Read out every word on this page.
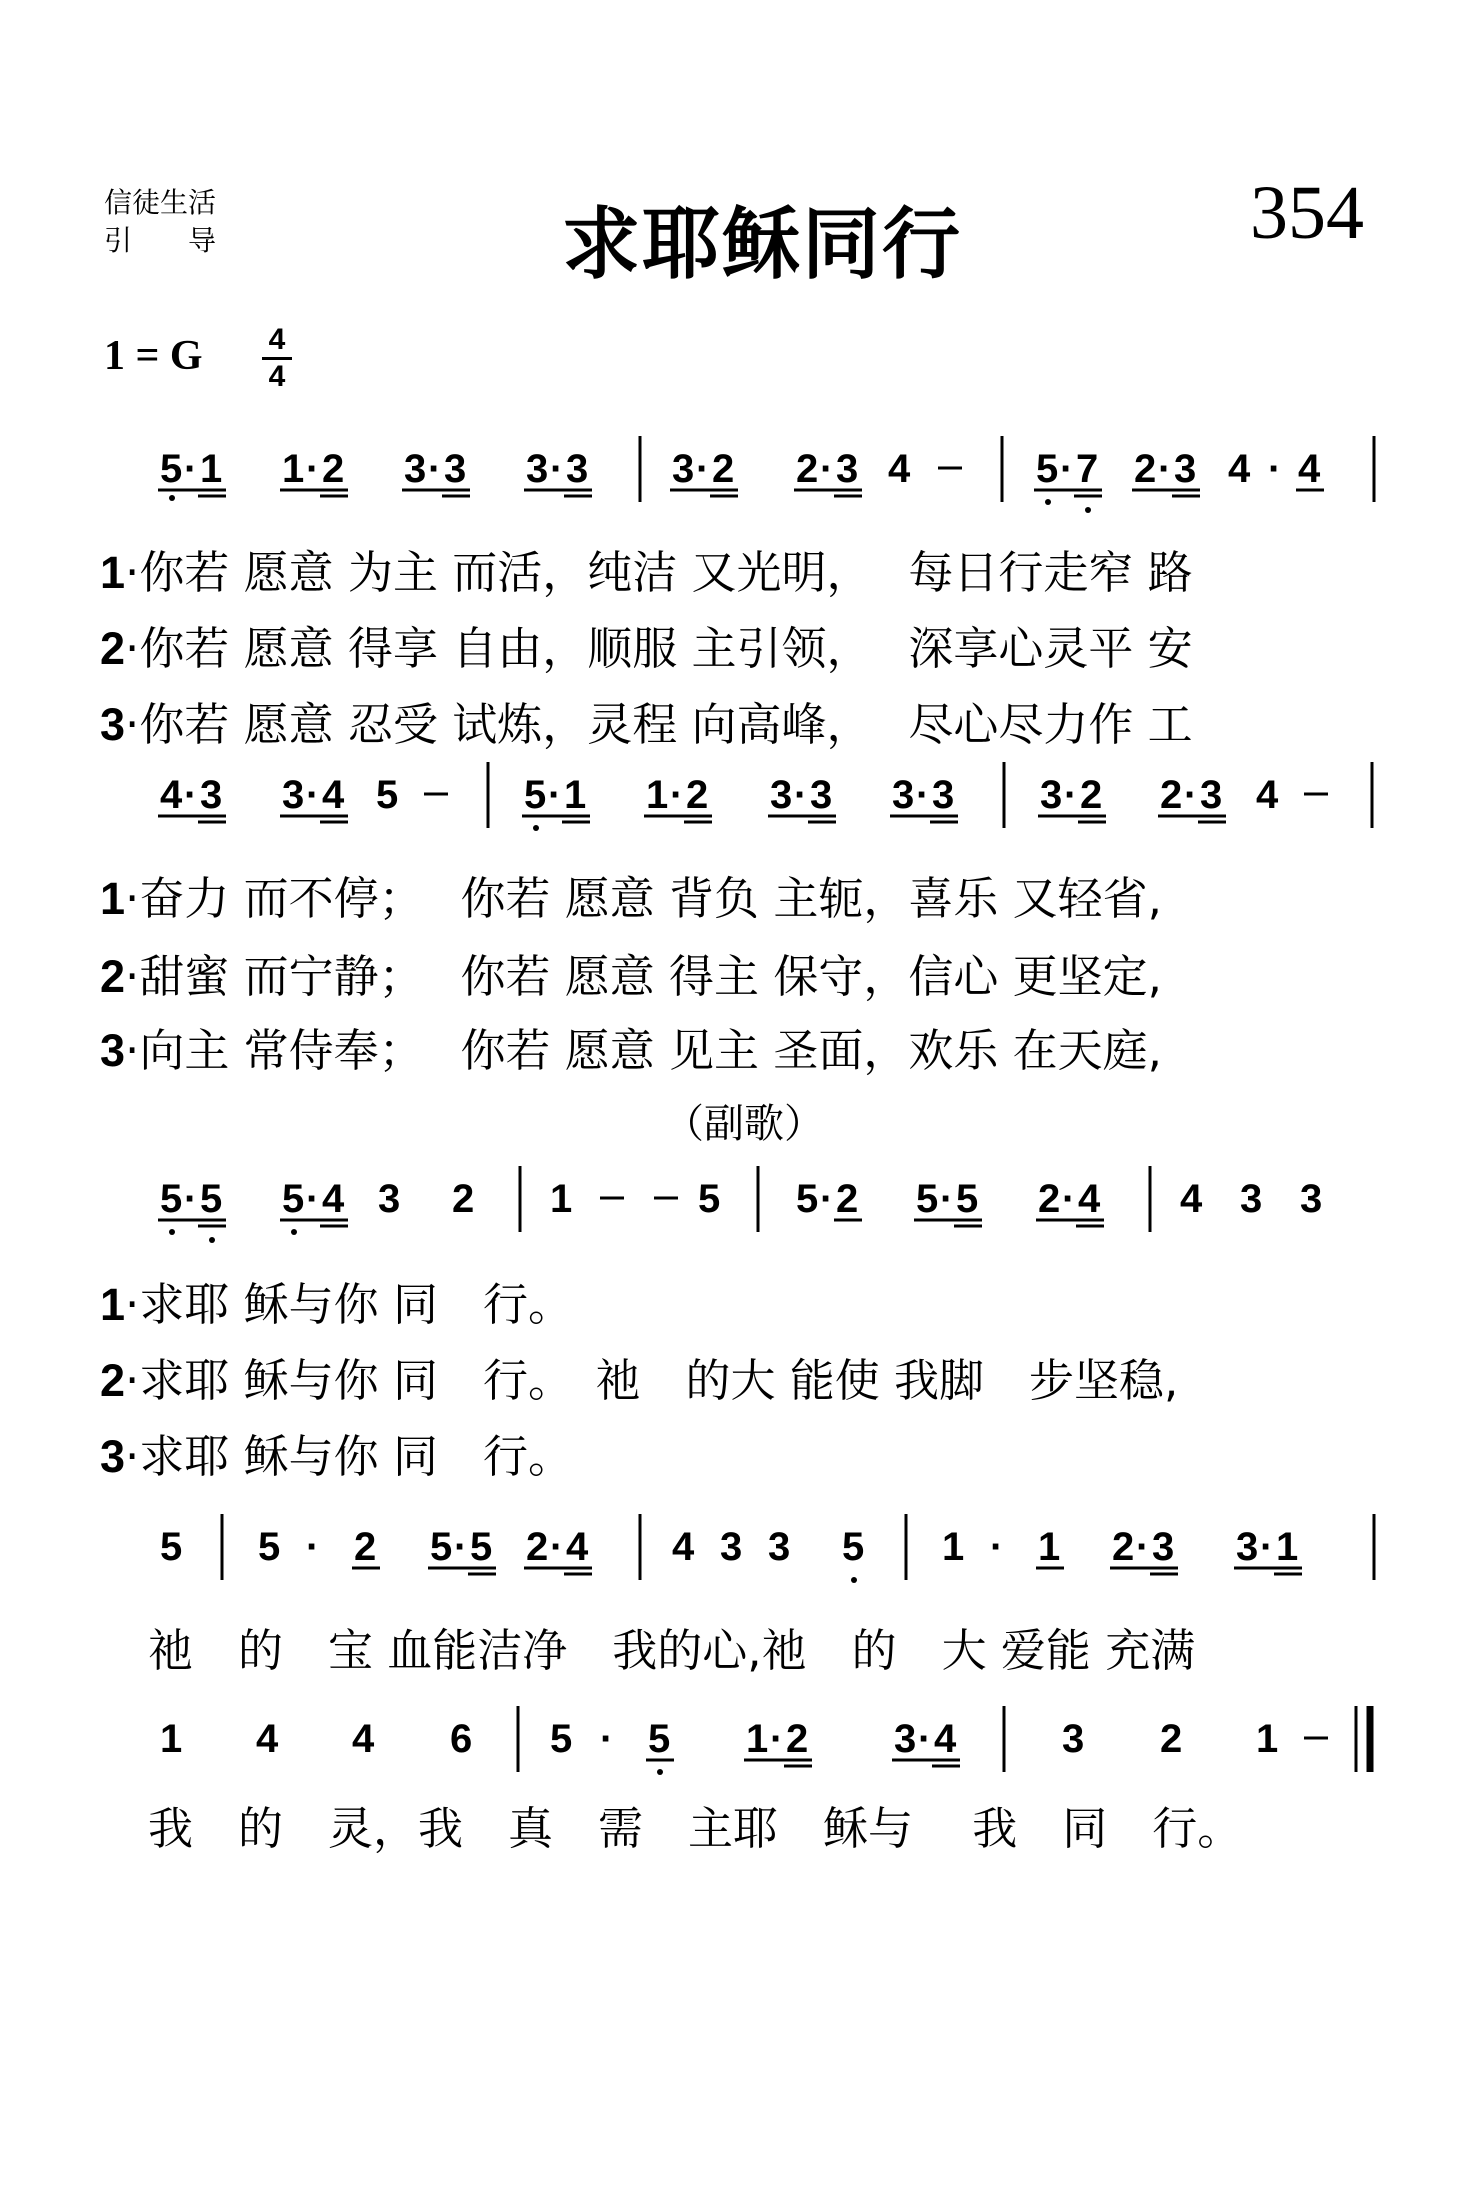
信徒生活
引　　导	求耶稣同行	354
1 = G 4
4
5 · 1 1 · 2 3 · 3 3 · 3 3 · 2 2 · 3 4	5 · 7 2 · 3 4 · 4
1·你若 愿意 为主 而活，纯洁 又光明，　 每日行走窄 路
2·你若 愿意 得享 自由，顺服 主引领，　 深享心灵平 安
3·你若 愿意 忍受 试炼，灵程 向高峰，　 尽心尽力作 工
4 · 3 3 · 4 5	5 · 1 1 · 2 3 · 3 3 · 3 3 · 2 2 · 3 4
1·奋力 而不停；　 你若 愿意 背负 主轭，喜乐 又轻省,
2·甜蜜 而宁静；　 你若 愿意 得主 保守，信心 更坚定,
3·向主 常侍奉；　 你若 愿意 见主 圣面，欢乐 在天庭,
（副歌）
5 · 5 5 · 4 3 2 1	5 5 · 2 5 · 5 2 · 4 4 3 3
1·求耶 稣与你 同　行。
2·求耶 稣与你 同　行。　祂　的大 能使 我脚　步坚稳,
3·求耶 稣与你 同　行。
5 5 · 2 5 · 5 2 · 4 4 3 3 5 1 · 1 2 · 3 3 · 1
祂　的　宝 血能洁净　我的心,祂　的　大 爱能 充满
1 4 4 6 5 · 5 1 · 2 3 · 4	3 2 1
我　的　灵，我　真　需　主耶　稣与　 我　同　行。
